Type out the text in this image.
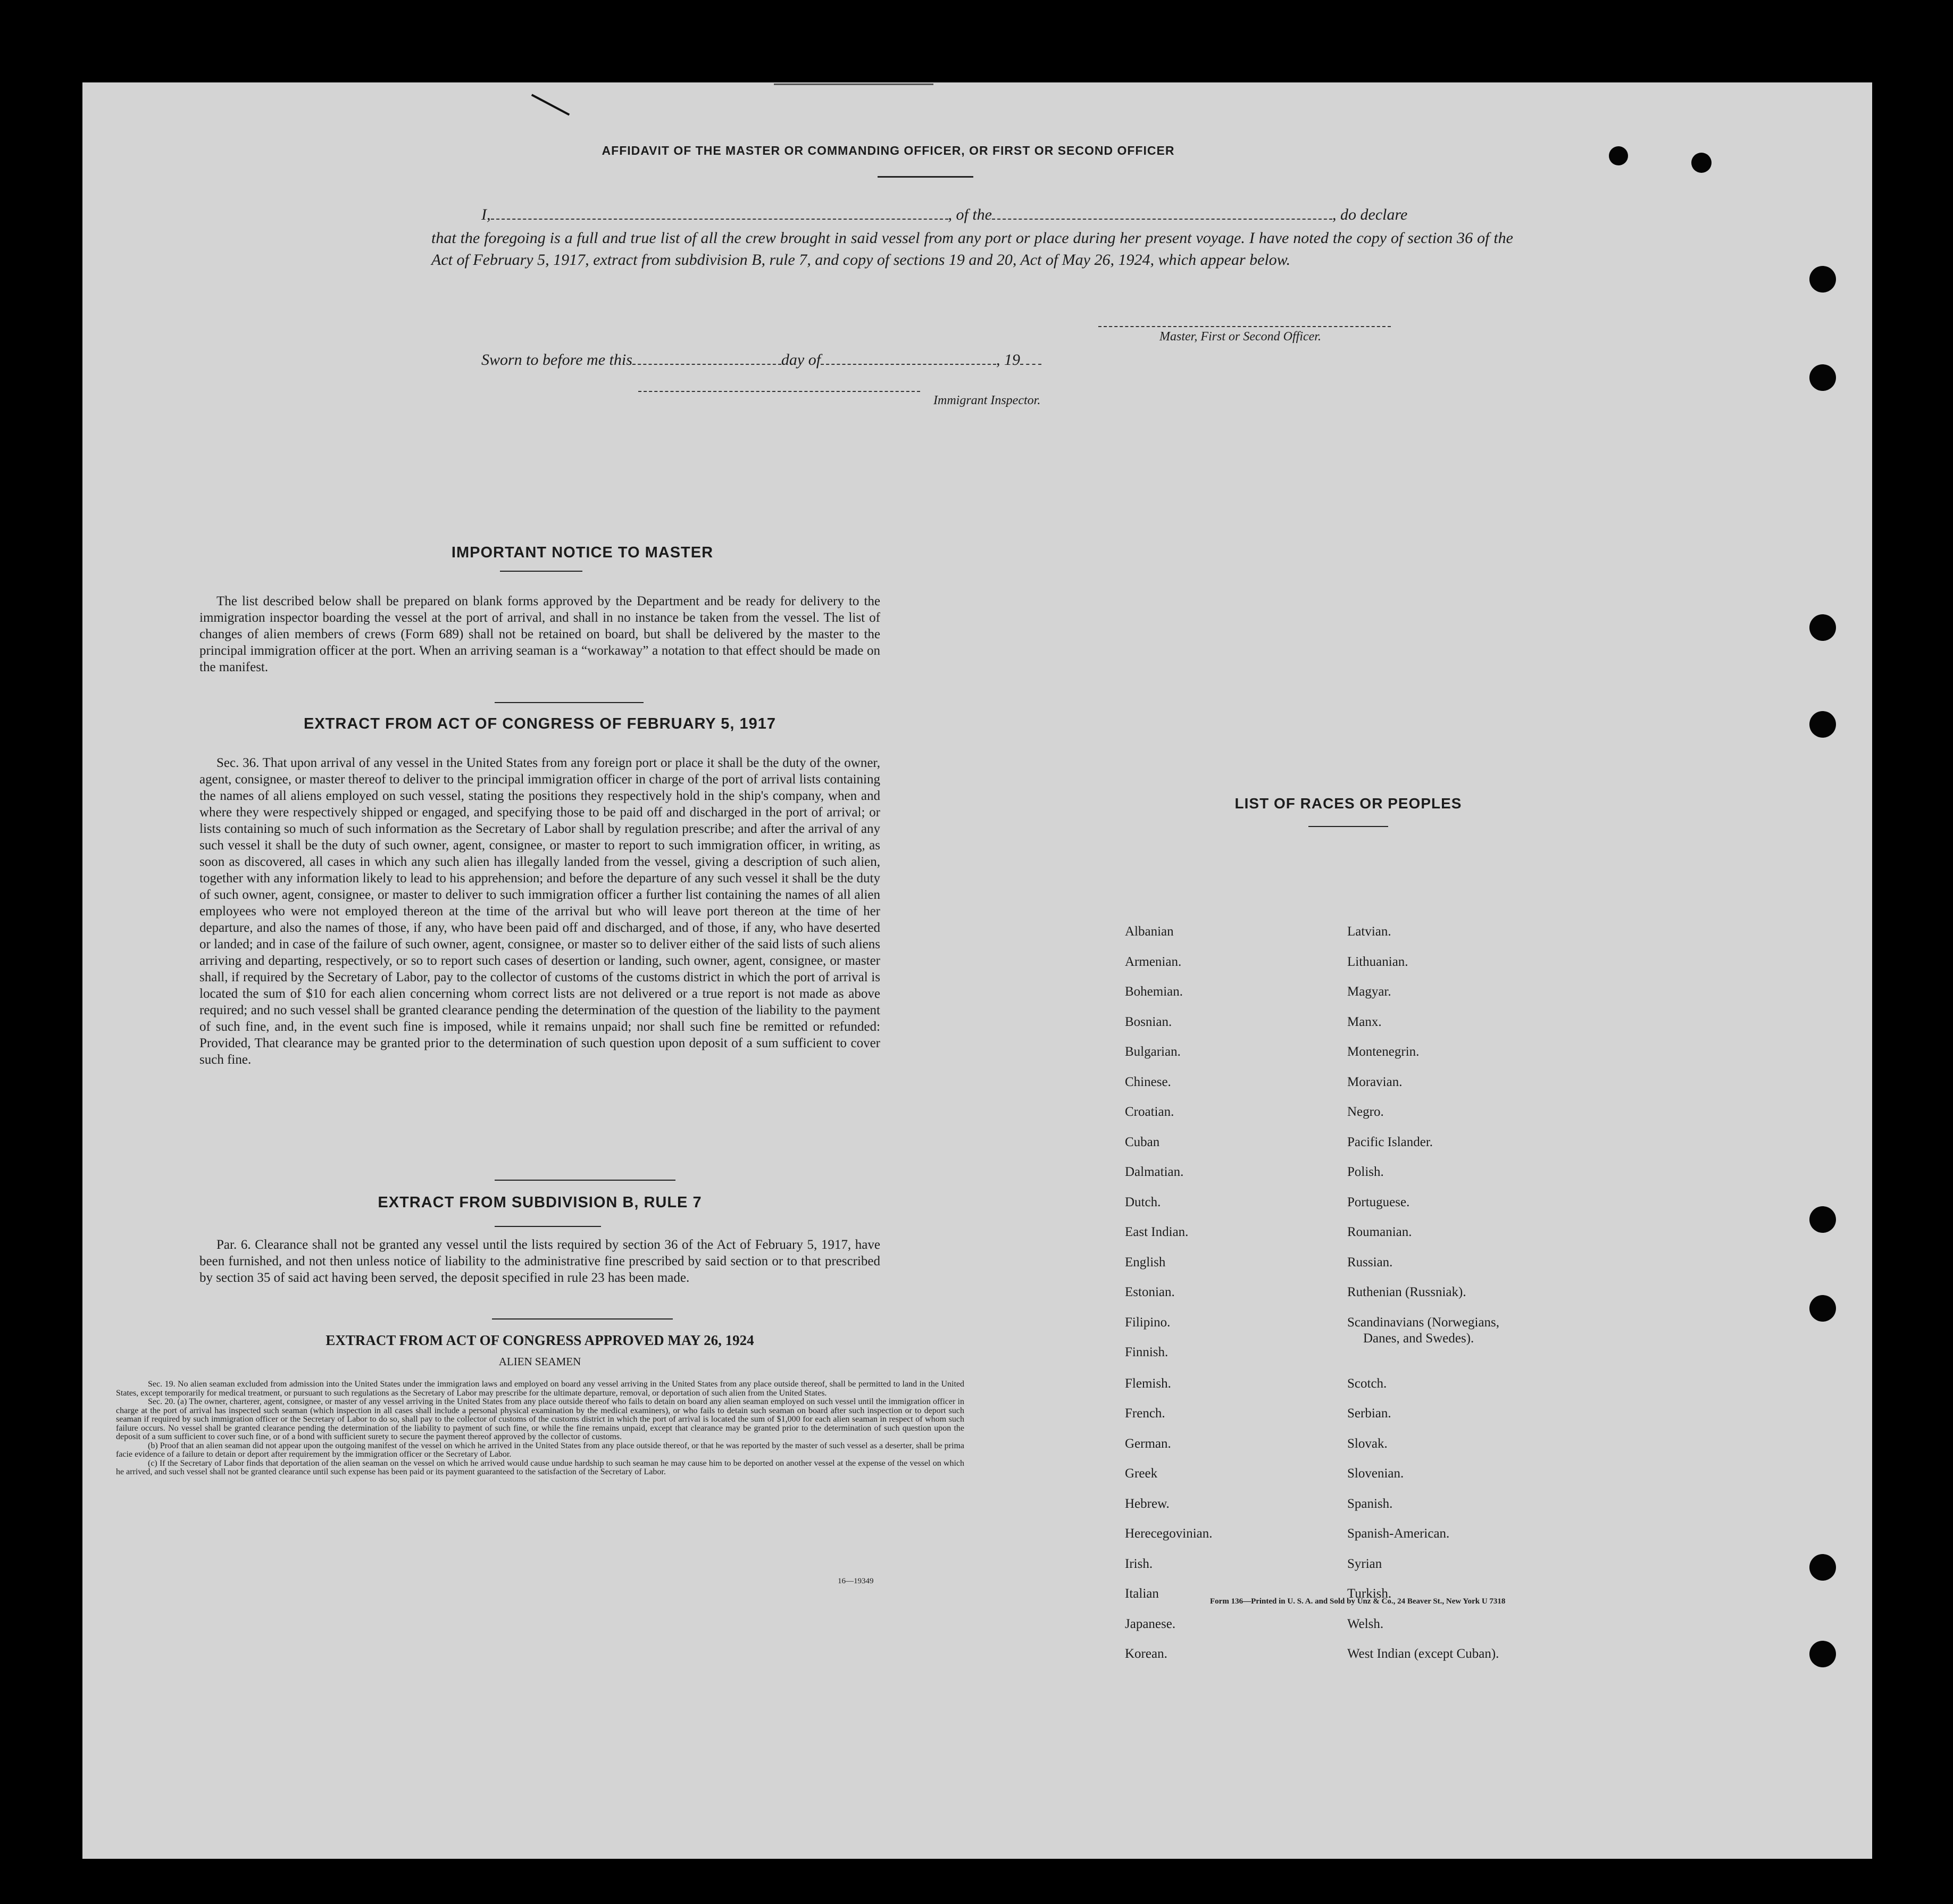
AFFIDAVIT OF THE MASTER OR COMMANDING OFFICER, OR FIRST OR SECOND OFFICER
I,	, of the	, do declare
that the foregoing is a full and true list of all the crew brought in said vessel from any port or place during her present voyage. I have noted the copy of section 36 of the Act of February 5, 1917, extract from subdivision B, rule 7, and copy of sections 19 and 20, Act of May 26, 1924, which appear below.
Master, First or Second Officer.
Sworn to before me this	day of	, 19
Immigrant Inspector.
IMPORTANT NOTICE TO MASTER
The list described below shall be prepared on blank forms approved by the Department and be ready for delivery to the immigration inspector boarding the vessel at the port of arrival, and shall in no instance be taken from the vessel. The list of changes of alien members of crews (Form 689) shall not be retained on board, but shall be delivered by the master to the principal immigration officer at the port. When an arriving seaman is a “workaway” a notation to that effect should be made on the manifest.
EXTRACT FROM ACT OF CONGRESS OF FEBRUARY 5, 1917
Sec. 36. That upon arrival of any vessel in the United States from any foreign port or place it shall be the duty of the owner, agent, consignee, or master thereof to deliver to the principal immigration officer in charge of the port of arrival lists containing the names of all aliens employed on such vessel, stating the positions they respectively hold in the ship's company, when and where they were respectively shipped or engaged, and specifying those to be paid off and discharged in the port of arrival; or lists containing so much of such information as the Secretary of Labor shall by regulation prescribe; and after the arrival of any such vessel it shall be the duty of such owner, agent, consignee, or master to report to such immigration officer, in writing, as soon as discovered, all cases in which any such alien has illegally landed from the vessel, giving a description of such alien, together with any information likely to lead to his apprehension; and before the departure of any such vessel it shall be the duty of such owner, agent, consignee, or master to deliver to such immigration officer a further list containing the names of all alien employees who were not employed thereon at the time of the arrival but who will leave port thereon at the time of her departure, and also the names of those, if any, who have been paid off and discharged, and of those, if any, who have deserted or landed; and in case of the failure of such owner, agent, consignee, or master so to deliver either of the said lists of such aliens arriving and departing, respectively, or so to report such cases of desertion or landing, such owner, agent, consignee, or master shall, if required by the Secretary of Labor, pay to the collector of customs of the customs district in which the port of arrival is located the sum of $10 for each alien concerning whom correct lists are not delivered or a true report is not made as above required; and no such vessel shall be granted clearance pending the determination of the question of the liability to the payment of such fine, and, in the event such fine is imposed, while it remains unpaid; nor shall such fine be remitted or refunded: Provided, That clearance may be granted prior to the determination of such question upon deposit of a sum sufficient to cover such fine.
EXTRACT FROM SUBDIVISION B, RULE 7
Par. 6. Clearance shall not be granted any vessel until the lists required by section 36 of the Act of February 5, 1917, have been furnished, and not then unless notice of liability to the administrative fine prescribed by said section or to that prescribed by section 35 of said act having been served, the deposit specified in rule 23 has been made.
EXTRACT FROM ACT OF CONGRESS APPROVED MAY 26, 1924
ALIEN SEAMEN

Sec. 19. No alien seaman excluded from admission into the United States under the immigration laws and employed on board any vessel arriving in the United States from any place outside thereof, shall be permitted to land in the United States, except temporarily for medical treatment, or pursuant to such regulations as the Secretary of Labor may prescribe for the ultimate departure, removal, or deportation of such alien from the United States.

Sec. 20. (a) The owner, charterer, agent, consignee, or master of any vessel arriving in the United States from any place outside thereof who fails to detain on board any alien seaman employed on such vessel until the immigration officer in charge at the port of arrival has inspected such seaman (which inspection in all cases shall include a personal physical examination by the medical examiners), or who fails to detain such seaman on board after such inspection or to deport such seaman if required by such immigration officer or the Secretary of Labor to do so, shall pay to the collector of customs of the customs district in which the port of arrival is located the sum of $1,000 for each alien seaman in respect of whom such failure occurs. No vessel shall be granted clearance pending the determination of the liability to payment of such fine, or while the fine remains unpaid, except that clearance may be granted prior to the determination of such question upon the deposit of a sum sufficient to cover such fine, or of a bond with sufficient surety to secure the payment thereof approved by the collector of customs.

(b) Proof that an alien seaman did not appear upon the outgoing manifest of the vessel on which he arrived in the United States from any place outside thereof, or that he was reported by the master of such vessel as a deserter, shall be prima facie evidence of a failure to detain or deport after requirement by the immigration officer or the Secretary of Labor.

(c) If the Secretary of Labor finds that deportation of the alien seaman on the vessel on which he arrived would cause undue hardship to such seaman he may cause him to be deported on another vessel at the expense of the vessel on which he arrived, and such vessel shall not be granted clearance until such expense has been paid or its payment guaranteed to the satisfaction of the Secretary of Labor.

16—19349
LIST OF RACES OR PEOPLES
Form 136—Printed in U. S. A. and Sold by Unz & Co., 24 Beaver St., New York U 7318
Albanian
Armenian.
Bohemian.
Bosnian.
Bulgarian.
Chinese.
Croatian.
Cuban
Dalmatian.
Dutch.
East Indian.
English
Estonian.
Filipino.
Finnish.
Flemish.
French.
German.
Greek
Hebrew.
Herecegovinian.
Irish.
Italian
Japanese.
Korean.
Latvian.
Lithuanian.
Magyar.
Manx.
Montenegrin.
Moravian.
Negro.
Pacific Islander.
Polish.
Portuguese.
Roumanian.
Russian.
Ruthenian (Russniak).
Scandinavians (Norwegians,
Danes, and Swedes).
Scotch.
Serbian.
Slovak.
Slovenian.
Spanish.
Spanish-American.
Syrian
Turkish.
Welsh.
West Indian (except Cuban).
